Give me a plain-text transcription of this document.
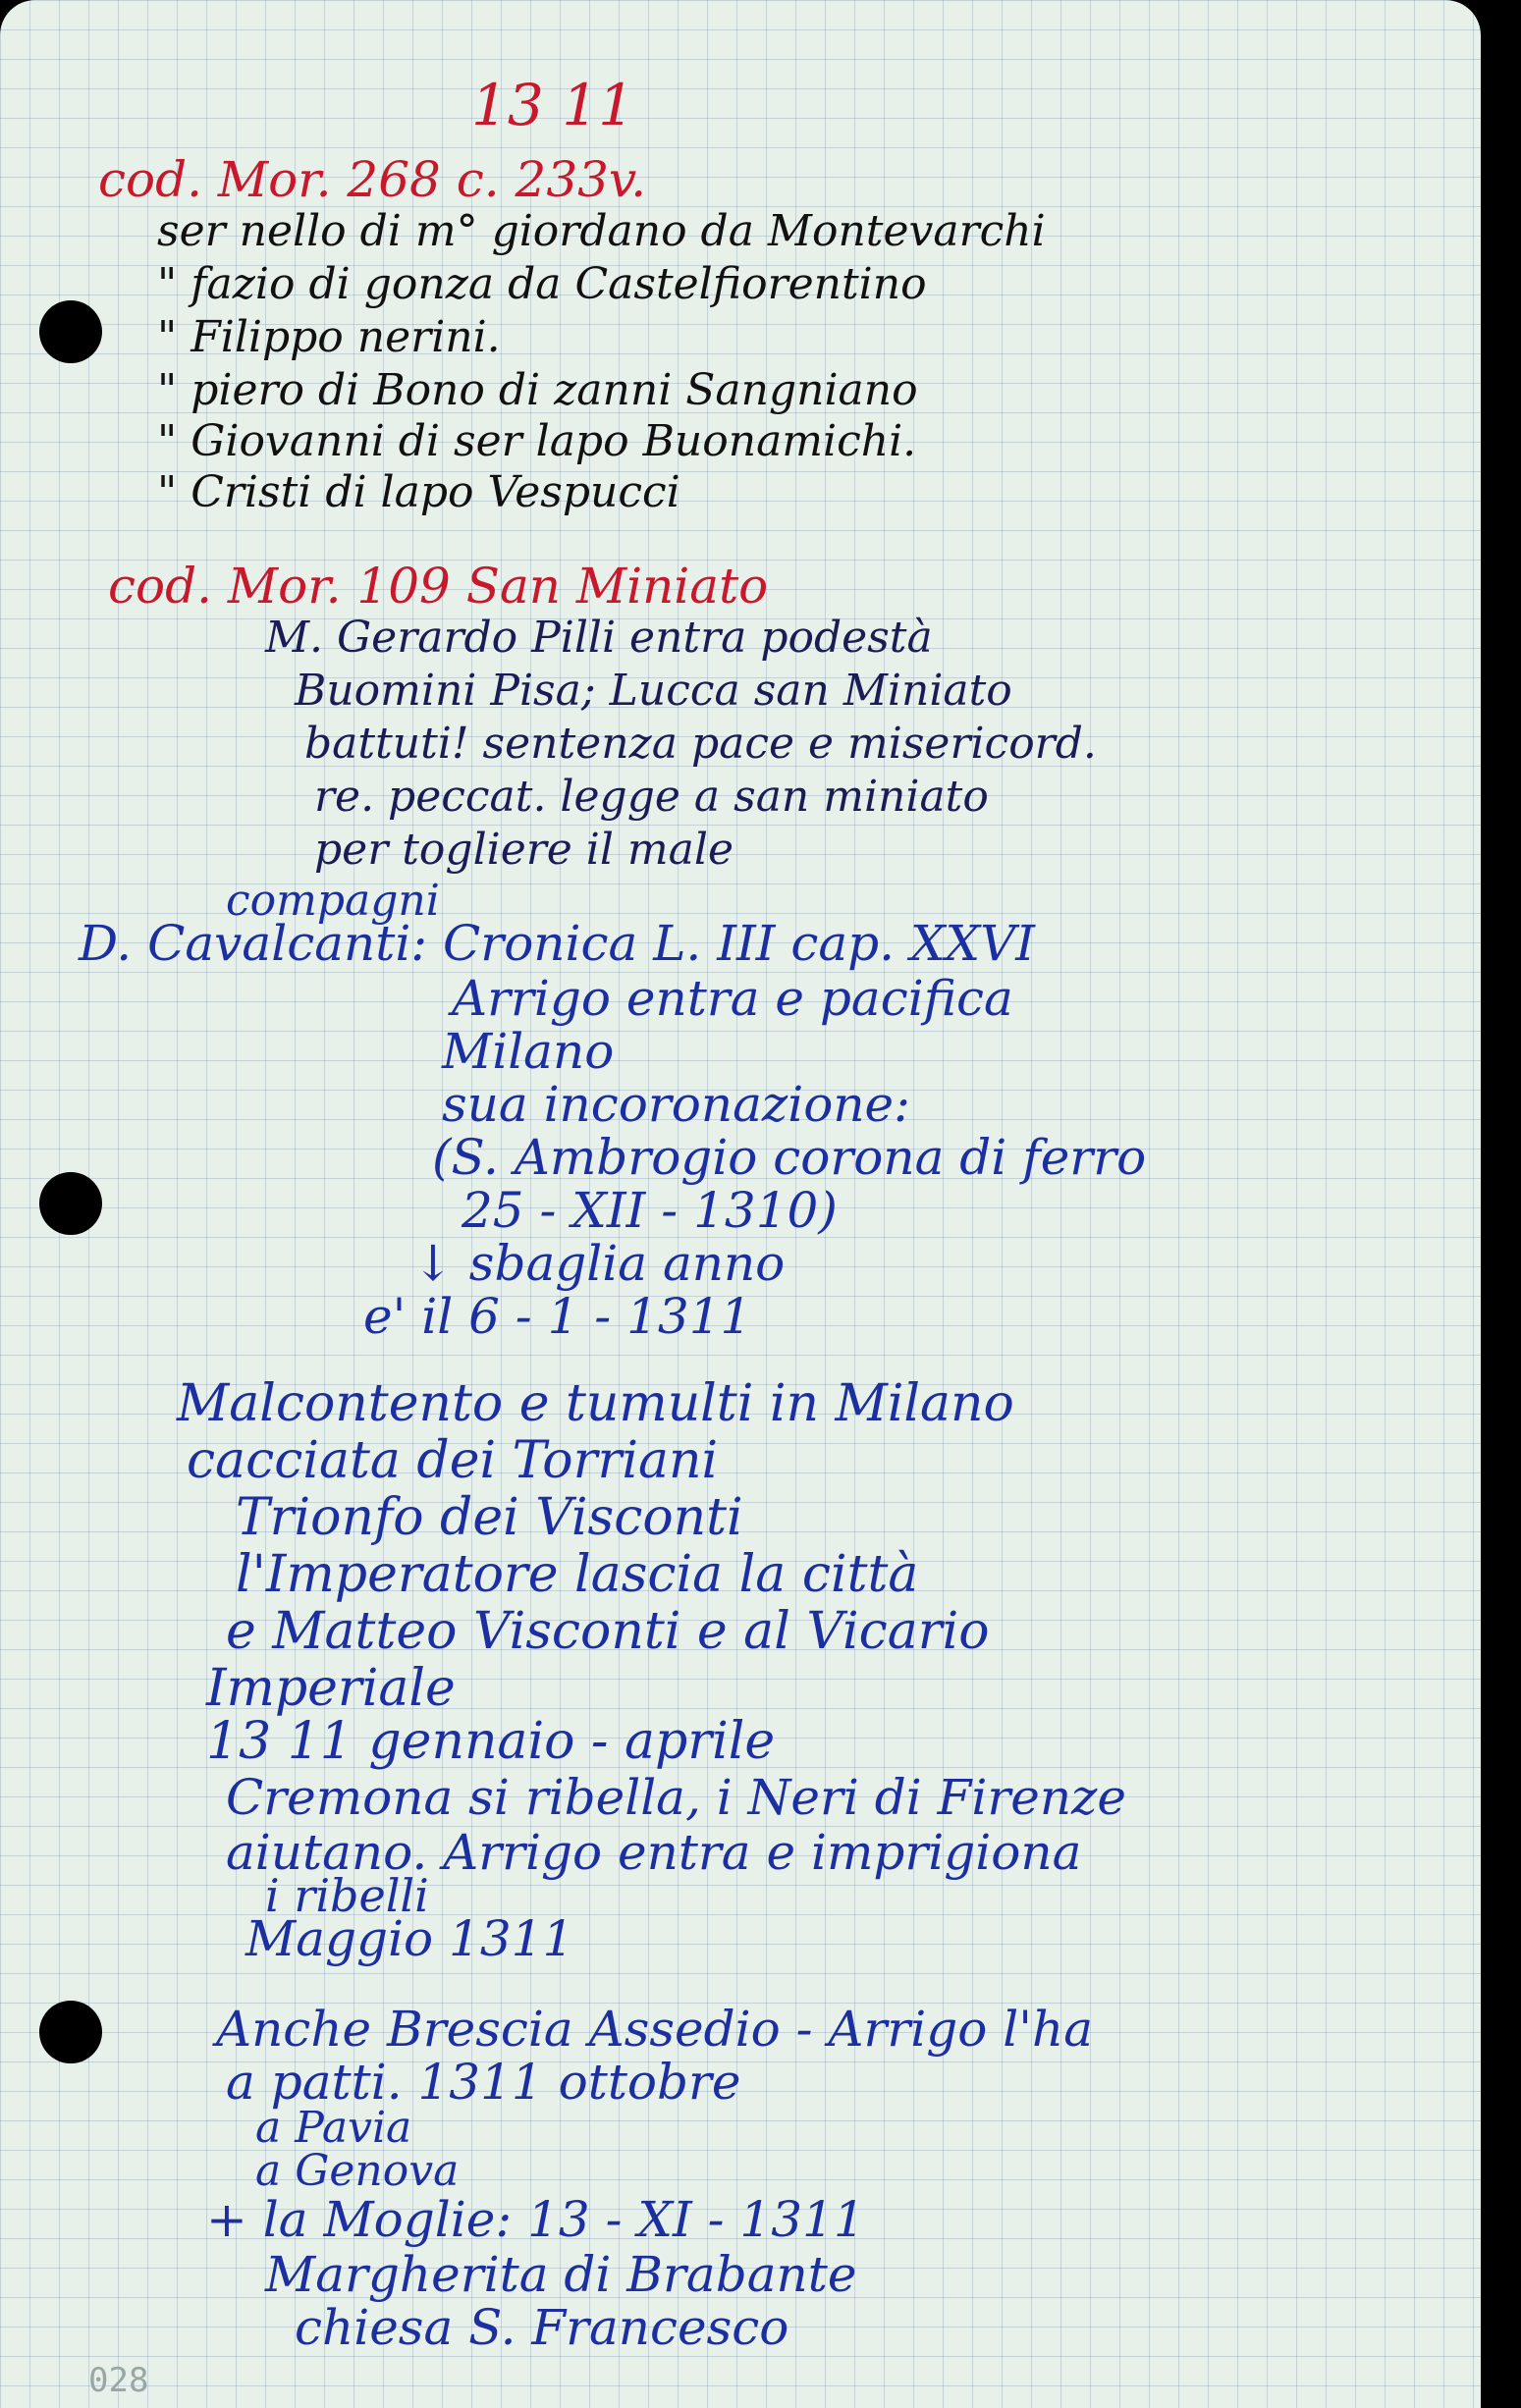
13 11
cod. Mor. 268 c. 233v.
ser nello di m° giordano da Montevarchi
" fazio di gonza da Castelfiorentino
" Filippo nerini.
" piero di Bono di zanni Sangniano
" Giovanni di ser lapo Buonamichi.
" Cristi di lapo Vespucci
cod. Mor. 109 San Miniato
M. Gerardo Pilli entra podestà
Buomini Pisa; Lucca san Miniato
battuti! sentenza pace e misericord.
re. peccat. legge a san miniato
per togliere il male
compagni
D. Cavalcanti: Cronica L. III cap. XXVI
Arrigo entra e pacifica
Milano
sua incoronazione:
(S. Ambrogio corona di ferro
25 - XII - 1310)
↓ sbaglia anno
e' il 6 - 1 - 1311
Malcontento e tumulti in Milano
cacciata dei Torriani
Trionfo dei Visconti
l'Imperatore lascia la città
e Matteo Visconti e al Vicario
Imperiale
13 11 gennaio - aprile
Cremona si ribella, i Neri di Firenze
aiutano. Arrigo entra e imprigiona
i ribelli
Maggio 1311
Anche Brescia Assedio - Arrigo l'ha
a patti. 1311 ottobre
a Pavia
a Genova
+ la Moglie: 13 - XI - 1311
Margherita di Brabante
chiesa S. Francesco
028
